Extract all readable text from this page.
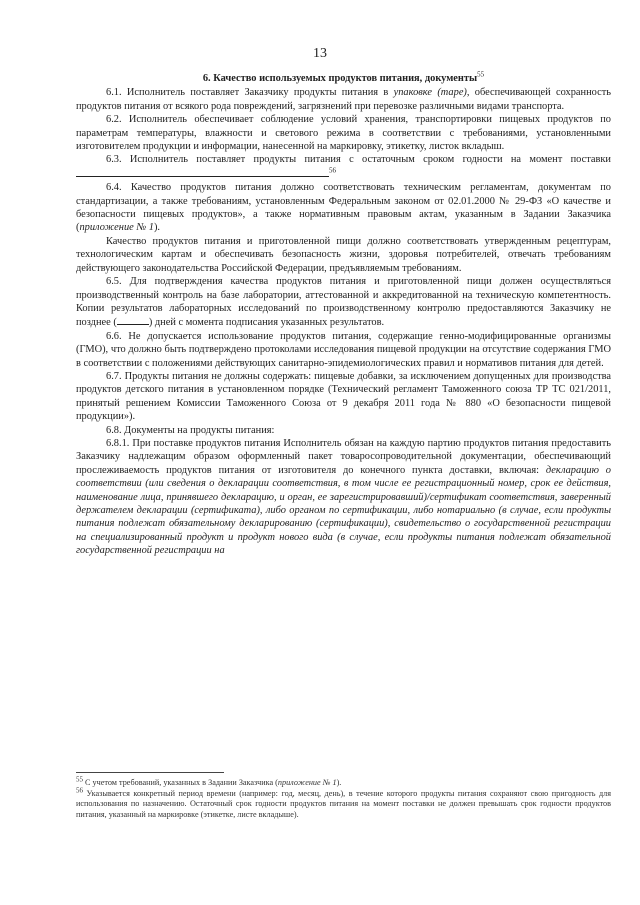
13
6. Качество используемых продуктов питания, документы$^{55}$

6.1. Исполнитель поставляет Заказчику продукты питания в упаковке (таре), обеспечивающей сохранность продуктов питания от всякого рода повреждений, загрязнений при перевозке различными видами транспорта.

6.2. Исполнитель обеспечивает соблюдение условий хранения, транспортировки пищевых продуктов по параметрам температуры, влажности и светового режима в соответствии с требованиями, установленными изготовителем продукции и информации, нанесенной на маркировку, этикетку, листок вкладыш.

6.3. Исполнитель поставляет продукты питания с остаточным сроком годности на момент поставки $^{56}$

6.4. Качество продуктов питания должно соответствовать техническим регламентам, документам по стандартизации, а также требованиям, установленным Федеральным законом от 02.01.2000 № 29-ФЗ «О качестве и безопасности пищевых продуктов», а также нормативным правовым актам, указанным в Задании Заказчика (приложение № 1).

Качество продуктов питания и приготовленной пищи должно соответствовать утвержденным рецептурам, технологическим картам и обеспечивать безопасность жизни, здоровья потребителей, отвечать требованиям действующего законодательства Российской Федерации, предъявляемым требованиям.

6.5. Для подтверждения качества продуктов питания и приготовленной пищи должен осуществляться производственный контроль на базе лаборатории, аттестованной и аккредитованной на техническую компетентность. Копии результатов лабораторных исследований по производственному контролю предоставляются Заказчику не позднее (	) дней с момента подписания указанных результатов.

6.6. Не допускается использование продуктов питания, содержащие генно-модифицированные организмы (ГМО), что должно быть подтверждено протоколами исследования пищевой продукции на отсутствие содержания ГМО в соответствии с положениями действующих санитарно-эпидемиологических правил и нормативов питания для детей.

6.7. Продукты питания не должны содержать: пищевые добавки, за исключением допущенных для производства продуктов детского питания в установленном порядке (Технический регламент Таможенного союза ТР ТС 021/2011, принятый решением Комиссии Таможенного Союза от 9 декабря 2011 года № 880 «О безопасности пищевой продукции»).

6.8. Документы на продукты питания:

6.8.1. При поставке продуктов питания Исполнитель обязан на каждую партию продуктов питания предоставить Заказчику надлежащим образом оформленный пакет товаросопроводительной документации, обеспечивающий прослеживаемость продуктов питания от изготовителя до конечного пункта доставки, включая: декларацию о соответствии (или сведения о декларации соответствия, в том числе ее регистрационный номер, срок ее действия, наименование лица, принявшего декларацию, и орган, ее зарегистрировавший)/сертификат соответствия, заверенный держателем декларации (сертификата), либо органом по сертификации, либо нотариально (в случае, если продукты питания подлежат обязательному декларированию (сертификации), свидетельство о государственной регистрации на специализированный продукт и продукт нового вида (в случае, если продукты питания подлежат обязательной государственной регистрации на

$^{55}$ С учетом требований, указанных в Задании Заказчика (приложение № 1).
$^{56}$ Указывается конкретный период времени (например: год, месяц, день), в течение которого продукты питания сохраняют свою пригодность для использования по назначению. Остаточный срок годности продуктов питания на момент поставки не должен превышать срок годности продуктов питания, указанный на маркировке (этикетке, листе вкладыше).
